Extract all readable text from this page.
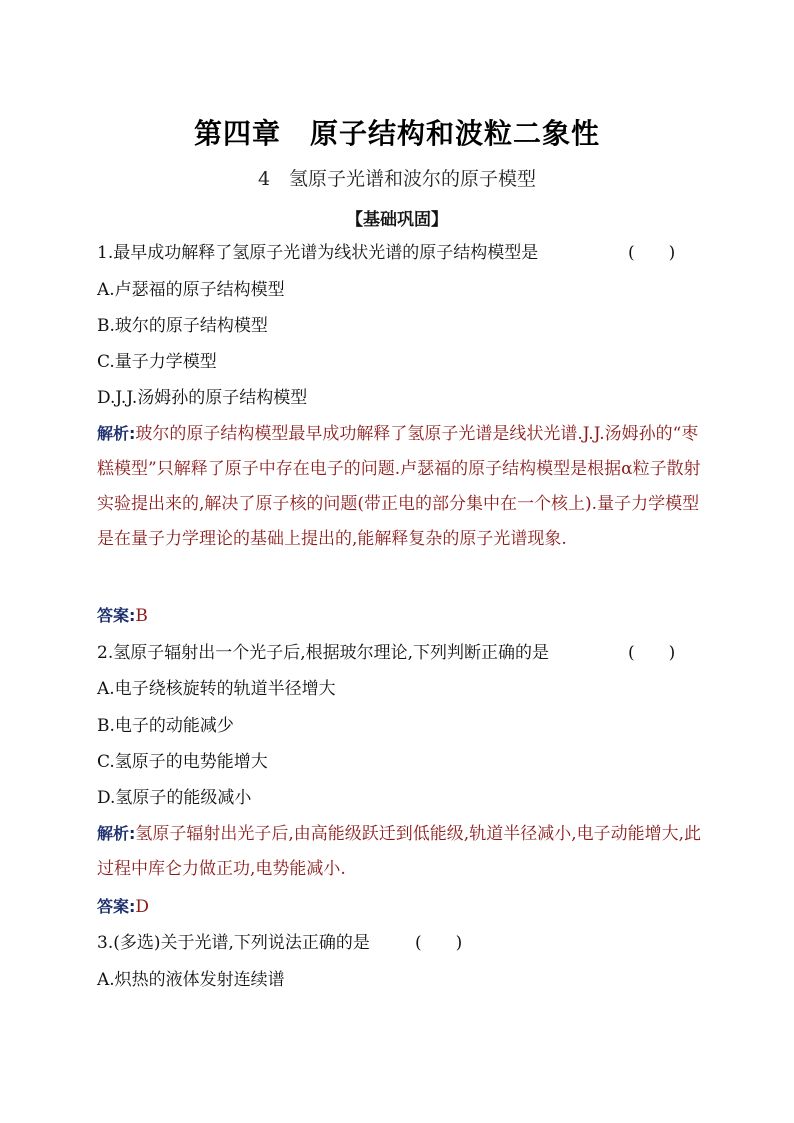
第四章　原子结构和波粒二象性
4　氢原子光谱和波尔的原子模型
【基础巩固】
1.最早成功解释了氢原子光谱为线状光谱的原子结构模型是	(　　)
A.卢瑟福的原子结构模型
B.玻尔的原子结构模型
C.量子力学模型
D.J.J.汤姆孙的原子结构模型
解析:玻尔的原子结构模型最早成功解释了氢原子光谱是线状光谱.J.J.汤姆孙的“枣糕模型”只解释了原子中存在电子的问题.卢瑟福的原子结构模型是根据α粒子散射实验提出来的,解决了原子核的问题(带正电的部分集中在一个核上).量子力学模型是在量子力学理论的基础上提出的,能解释复杂的原子光谱现象.
答案:B
2.氢原子辐射出一个光子后,根据玻尔理论,下列判断正确的是	(　　)
A.电子绕核旋转的轨道半径增大
B.电子的动能减少
C.氢原子的电势能增大
D.氢原子的能级减小
解析:氢原子辐射出光子后,由高能级跃迁到低能级,轨道半径减小,电子动能增大,此过程中库仑力做正功,电势能减小.
答案:D
3.(多选)关于光谱,下列说法正确的是	(　　)
A.炽热的液体发射连续谱
